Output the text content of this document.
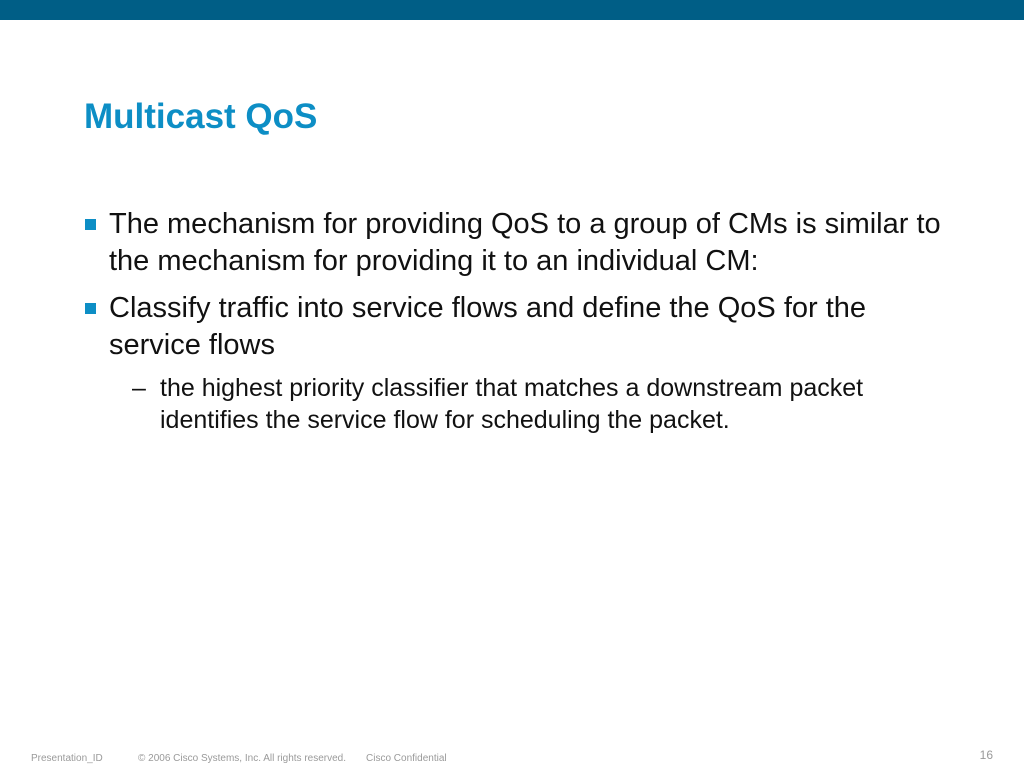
Multicast QoS
The mechanism for providing QoS to a group of CMs is similar to the mechanism for providing it to an individual CM:
Classify traffic into service flows and define the QoS for the service flows
– the highest priority classifier that matches a downstream packet identifies the service flow for scheduling the packet.
Presentation_ID	© 2006 Cisco Systems, Inc. All rights reserved. Cisco Confidential	16
